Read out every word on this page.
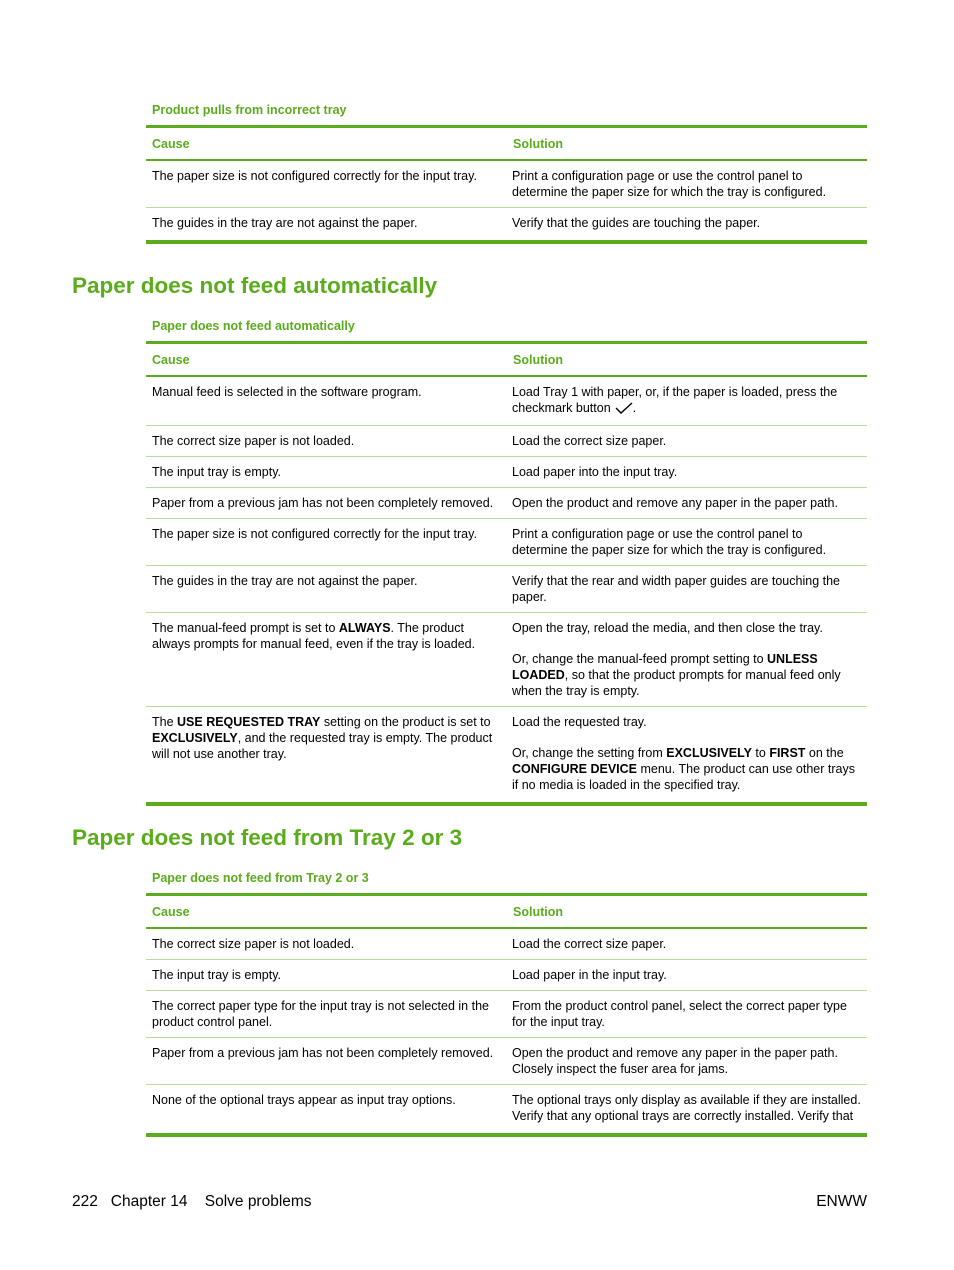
Product pulls from incorrect tray
Cause	Solution
The paper size is not configured correctly for the input tray.	Print a configuration page or use the control panel to determine the paper size for which the tray is configured.
The guides in the tray are not against the paper.	Verify that the guides are touching the paper.
Paper does not feed automatically
Paper does not feed automatically
Cause	Solution
Manual feed is selected in the software program.	Load Tray 1 with paper, or, if the paper is loaded, press the checkmark button .
The correct size paper is not loaded.	Load the correct size paper.
The input tray is empty.	Load paper into the input tray.
Paper from a previous jam has not been completely removed.	Open the product and remove any paper in the paper path.
The paper size is not configured correctly for the input tray.	Print a configuration page or use the control panel to determine the paper size for which the tray is configured.
The guides in the tray are not against the paper.	Verify that the rear and width paper guides are touching the paper.
The manual-feed prompt is set to ALWAYS. The product always prompts for manual feed, even if the tray is loaded.	Open the tray, reload the media, and then close the tray.

Or, change the manual-feed prompt setting to UNLESS LOADED, so that the product prompts for manual feed only when the tray is empty.

The USE REQUESTED TRAY setting on the product is set to EXCLUSIVELY, and the requested tray is empty. The product will not use another tray.	Load the requested tray.

Or, change the setting from EXCLUSIVELY to FIRST on the CONFIGURE DEVICE menu. The product can use other trays if no media is loaded in the specified tray.

Paper does not feed from Tray 2 or 3
Paper does not feed from Tray 2 or 3
Cause	Solution
The correct size paper is not loaded.	Load the correct size paper.
The input tray is empty.	Load paper in the input tray.
The correct paper type for the input tray is not selected in the product control panel.	From the product control panel, select the correct paper type for the input tray.
Paper from a previous jam has not been completely removed.	Open the product and remove any paper in the paper path. Closely inspect the fuser area for jams.
None of the optional trays appear as input tray options.	The optional trays only display as available if they are installed. Verify that any optional trays are correctly installed. Verify that
222 Chapter 14 Solve problems	ENWW
